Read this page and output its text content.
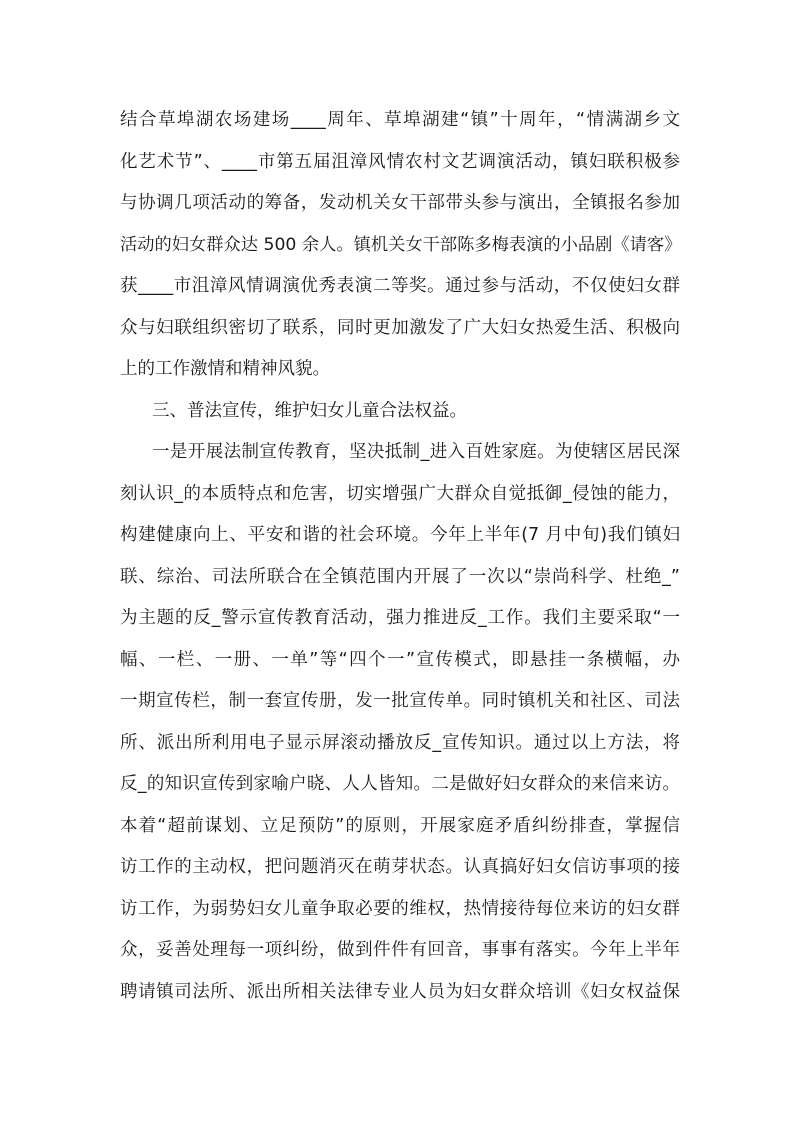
结合草埠湖农场建场____周年、草埠湖建“镇”十周年，“情满湖乡文
化艺术节”、____市第五届沮漳风情农村文艺调演活动，镇妇联积极参
与协调几项活动的筹备，发动机关女干部带头参与演出，全镇报名参加
活动的妇女群众达 500 余人。镇机关女干部陈多梅表演的小品剧《请客》
获____市沮漳风情调演优秀表演二等奖。通过参与活动，不仅使妇女群
众与妇联组织密切了联系，同时更加激发了广大妇女热爱生活、积极向
上的工作激情和精神风貌。
三、普法宣传，维护妇女儿童合法权益。
一是开展法制宣传教育，坚决抵制_进入百姓家庭。为使辖区居民深
刻认识_的本质特点和危害，切实增强广大群众自觉抵御_侵蚀的能力，
构建健康向上、平安和谐的社会环境。今年上半年(7 月中旬)我们镇妇
联、综治、司法所联合在全镇范围内开展了一次以“崇尚科学、杜绝_”
为主题的反_警示宣传教育活动，强力推进反_工作。我们主要采取“一
幅、一栏、一册、一单”等“四个一”宣传模式，即悬挂一条横幅，办
一期宣传栏，制一套宣传册，发一批宣传单。同时镇机关和社区、司法
所、派出所利用电子显示屏滚动播放反_宣传知识。通过以上方法，将
反_的知识宣传到家喻户晓、人人皆知。二是做好妇女群众的来信来访。
本着“超前谋划、立足预防”的原则，开展家庭矛盾纠纷排查，掌握信
访工作的主动权，把问题消灭在萌芽状态。认真搞好妇女信访事项的接
访工作，为弱势妇女儿童争取必要的维权，热情接待每位来访的妇女群
众，妥善处理每一项纠纷，做到件件有回音，事事有落实。今年上半年
聘请镇司法所、派出所相关法律专业人员为妇女群众培训《妇女权益保
